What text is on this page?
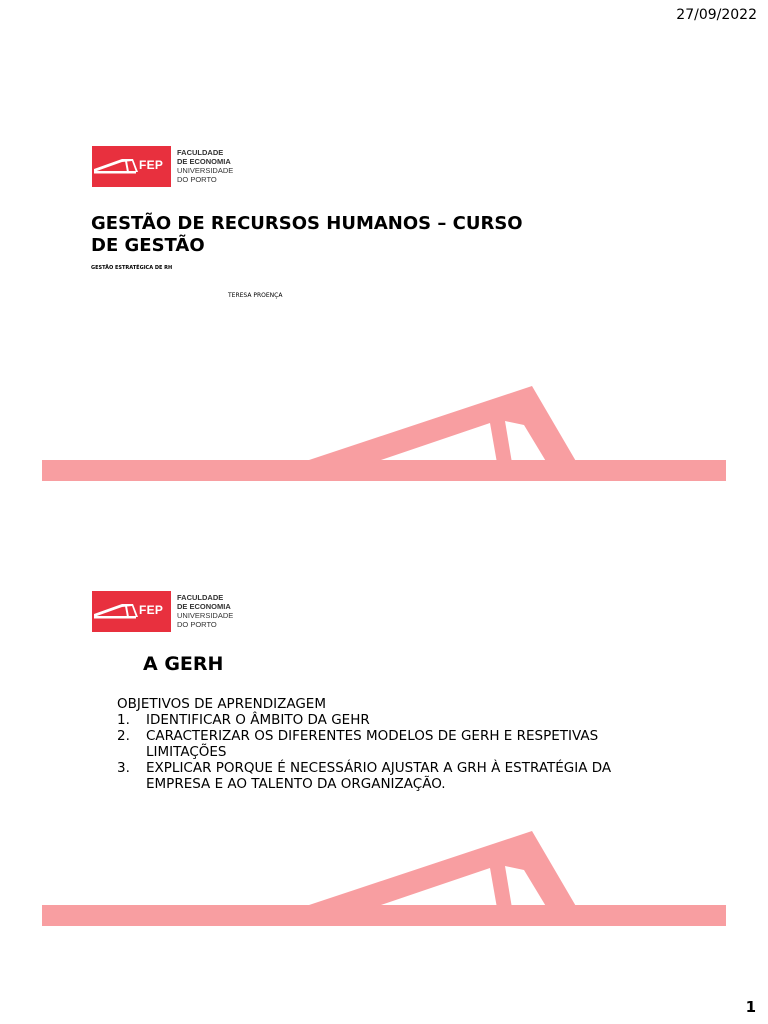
27/09/2022
FEP
FACULDADE
DE ECONOMIA
UNIVERSIDADE
DO PORTO
GESTÃO DE RECURSOS HUMANOS – CURSO DE GESTÃO
GESTÃO ESTRATÉGICA DE RH
TERESA PROENÇA
FEP
FACULDADE
DE ECONOMIA
UNIVERSIDADE
DO PORTO
A GERH
OBJETIVOS DE APRENDIZAGEM
1. IDENTIFICAR O ÂMBITO DA GEHR
2. CARACTERIZAR OS DIFERENTES MODELOS DE GERH E RESPETIVAS LIMITAÇÕES
3. EXPLICAR PORQUE É NECESSÁRIO AJUSTAR A GRH À ESTRATÉGIA DA EMPRESA E AO TALENTO DA ORGANIZAÇÃO.
1
